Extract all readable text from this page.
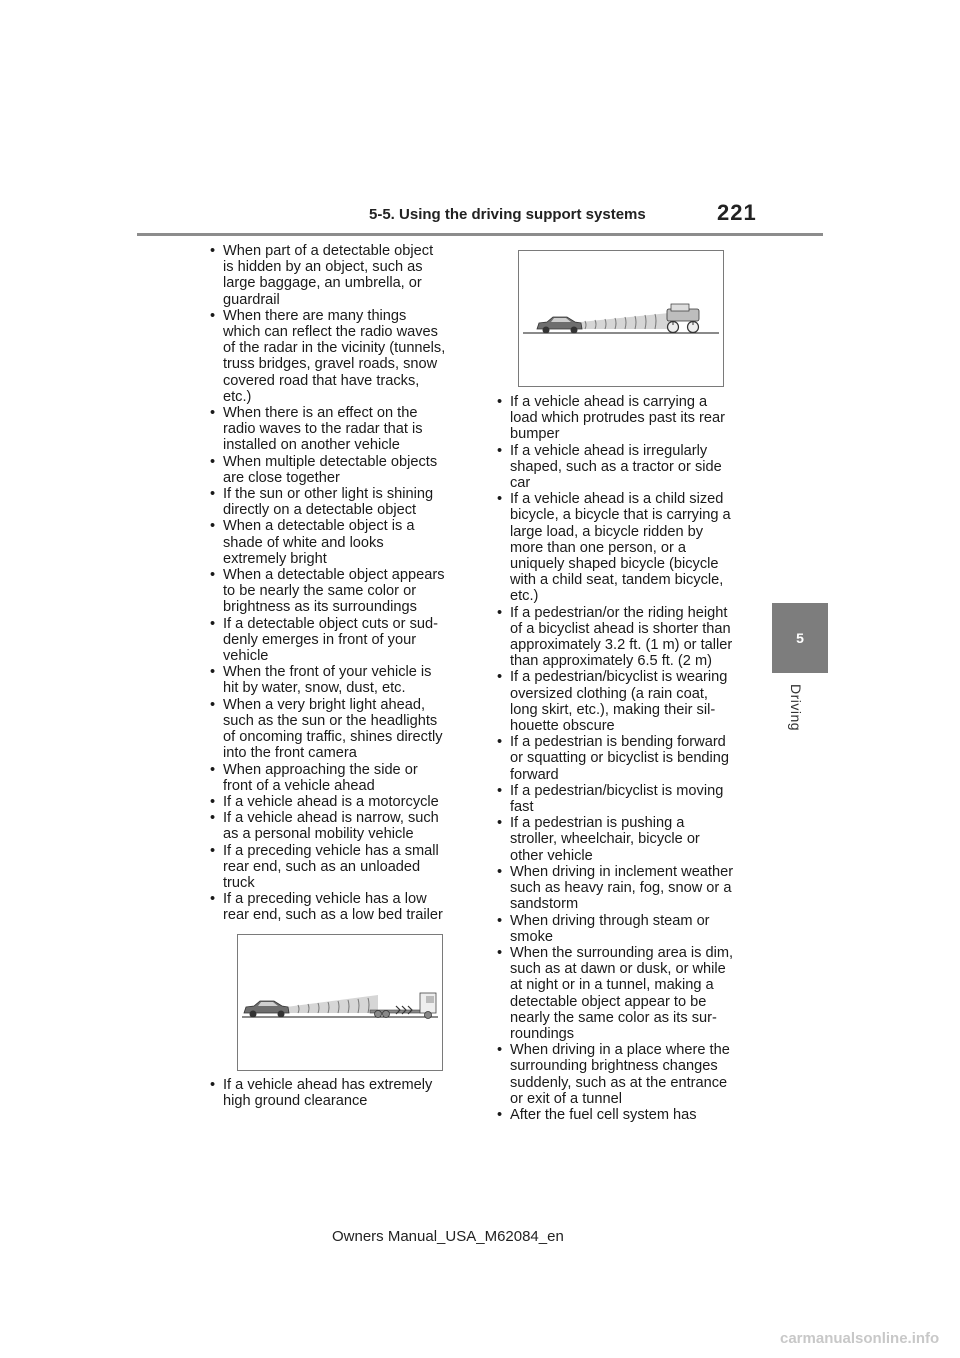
5-5. Using the driving support systems	221
5
Driving
• When part of a detectable object
is hidden by an object, such as
large baggage, an umbrella, or
guardrail
• When there are many things
which can reflect the radio waves
of the radar in the vicinity (tunnels,
truss bridges, gravel roads, snow
covered road that have tracks,
etc.)
• When there is an effect on the
radio waves to the radar that is
installed on another vehicle
• When multiple detectable objects
are close together
• If the sun or other light is shining
directly on a detectable object
• When a detectable object is a
shade of white and looks
extremely bright
• When a detectable object appears
to be nearly the same color or
brightness as its surroundings
• If a detectable object cuts or sud-
denly emerges in front of your
vehicle
• When the front of your vehicle is
hit by water, snow, dust, etc.
• When a very bright light ahead,
such as the sun or the headlights
of oncoming traffic, shines directly
into the front camera
• When approaching the side or
front of a vehicle ahead
• If a vehicle ahead is a motorcycle
• If a vehicle ahead is narrow, such
as a personal mobility vehicle
• If a preceding vehicle has a small
rear end, such as an unloaded
truck
• If a preceding vehicle has a low
rear end, such as a low bed trailer
• If a vehicle ahead has extremely
high ground clearance
• If a vehicle ahead is carrying a
load which protrudes past its rear
bumper
• If a vehicle ahead is irregularly
shaped, such as a tractor or side
car
• If a vehicle ahead is a child sized
bicycle, a bicycle that is carrying a
large load, a bicycle ridden by
more than one person, or a
uniquely shaped bicycle (bicycle
with a child seat, tandem bicycle,
etc.)
• If a pedestrian/or the riding height
of a bicyclist ahead is shorter than
approximately 3.2 ft. (1 m) or taller
than approximately 6.5 ft. (2 m)
• If a pedestrian/bicyclist is wearing
oversized clothing (a rain coat,
long skirt, etc.), making their sil-
houette obscure
• If a pedestrian is bending forward
or squatting or bicyclist is bending
forward
• If a pedestrian/bicyclist is moving
fast
• If a pedestrian is pushing a
stroller, wheelchair, bicycle or
other vehicle
• When driving in inclement weather
such as heavy rain, fog, snow or a
sandstorm
• When driving through steam or
smoke
• When the surrounding area is dim,
such as at dawn or dusk, or while
at night or in a tunnel, making a
detectable object appear to be
nearly the same color as its sur-
roundings
• When driving in a place where the
surrounding brightness changes
suddenly, such as at the entrance
or exit of a tunnel
• After the fuel cell system has
Owners Manual_USA_M62084_en
carmanualsonline.info
